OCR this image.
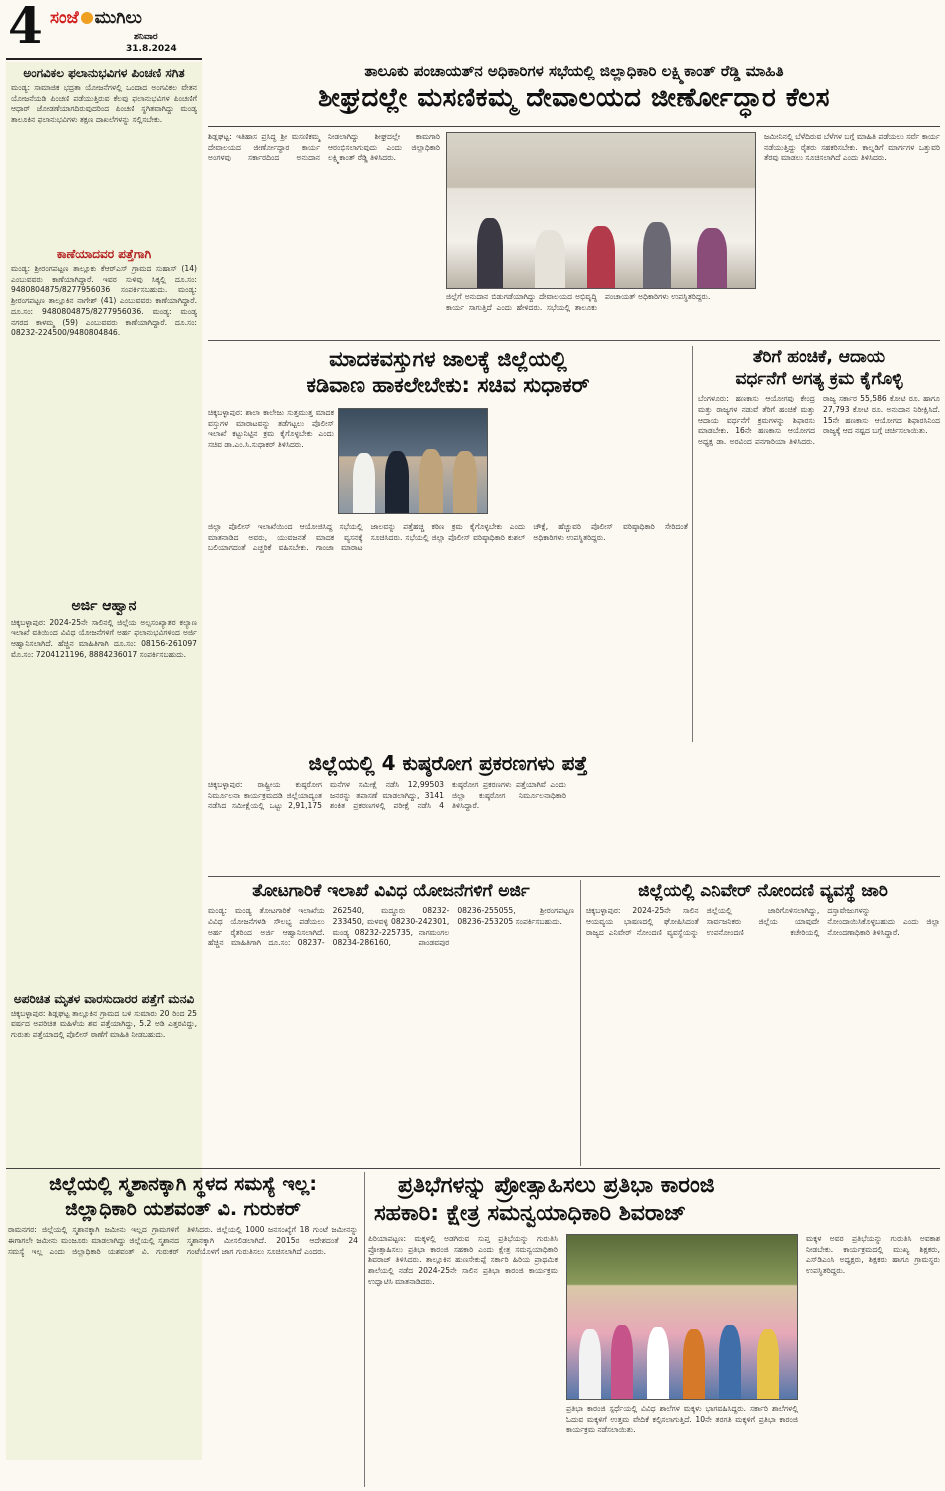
4 ಸಂಜೆ ಮುಗಿಲು
ಶನಿವಾರ
31.8.2024
ಅಂಗವಿಕಲ ಫಲಾನುಭವಿಗಳ ಪಿಂಚಣಿ ಸಗಿತ
ಮಂಡ್ಯ: ಸಾಮಾಜಿಕ ಭದ್ರತಾ ಯೋಜನೆಗಳಲ್ಲಿ ಒಂದಾದ ಅಂಗವಿಕಲ ವೇತನ ಯೋಜನೆಯಡಿ ಪಿಂಚಣಿ ಪಡೆಯುತ್ತಿರುವ ಕೆಲವು ಫಲಾನುಭವಿಗಳ ಪಿಂಚಣಿಗೆ ಆಧಾರ್ ಜೋಡಣೆಯಾಗದಿರುವುದರಿಂದ ಪಿಂಚಣಿ ಸ್ಥಗಿತವಾಗಿದ್ದು ಮಂಡ್ಯ ತಾಲೂಕಿನ ಫಲಾನುಭವಿಗಳು ತಕ್ಷಣ ದಾಖಲೆಗಳನ್ನು ಸಲ್ಲಿಸಬೇಕು.
ಕಾಣೆಯಾದವರ ಪತ್ತೆಗಾಗಿ
ಮಂಡ್ಯ: ಶ್ರೀರಂಗಪಟ್ಟಣ ತಾಲ್ಲೂಕು ಕೆಆರ್‌ಎಸ್ ಗ್ರಾಮದ ಸುಹಾಸ್ (14) ಎಂಬುವವರು ಕಾಣೆಯಾಗಿದ್ದಾರೆ. ಇವರ ಸುಳಿವು ಸಿಕ್ಕಲ್ಲಿ ದೂ.ಸಂ: 9480804875/8277956036 ಸಂಪರ್ಕಿಸಬಹುದು. ಮಂಡ್ಯ: ಶ್ರೀರಂಗಪಟ್ಟಣ ತಾಲ್ಲೂಕಿನ ನಾಗೇಶ್ (41) ಎಂಬುವವರು ಕಾಣೆಯಾಗಿದ್ದಾರೆ. ದೂ.ಸಂ: 9480804875/8277956036. ಮಂಡ್ಯ: ಮಂಡ್ಯ ನಗರದ ಕಾಳಮ್ಮ (59) ಎಂಬುವವರು ಕಾಣೆಯಾಗಿದ್ದಾರೆ. ದೂ.ಸಂ: 08232-224500/9480804846.
ಅರ್ಜಿ ಆಹ್ವಾನ
ಚಿಕ್ಕಬಳ್ಳಾಪುರ: 2024-25ನೇ ಸಾಲಿನಲ್ಲಿ ಜಿಲ್ಲೆಯ ಅಲ್ಪಸಂಖ್ಯಾತರ ಕಲ್ಯಾಣ ಇಲಾಖೆ ವತಿಯಿಂದ ವಿವಿಧ ಯೋಜನೆಗಳಿಗೆ ಅರ್ಹ ಫಲಾನುಭವಿಗಳಿಂದ ಅರ್ಜಿ ಆಹ್ವಾನಿಸಲಾಗಿದೆ. ಹೆಚ್ಚಿನ ಮಾಹಿತಿಗಾಗಿ ದೂ.ಸಂ: 08156-261097 ಮೊ.ಸಂ: 7204121196, 8884236017 ಸಂಪರ್ಕಿಸಬಹುದು.
ಅಪರಿಚಿತ ಮೃತಳ ವಾರಸುದಾರರ ಪತ್ತೆಗೆ ಮನವಿ
ಚಿಕ್ಕಬಳ್ಳಾಪುರ: ಶಿಡ್ಲಘಟ್ಟ ತಾಲ್ಲೂಕಿನ ಗ್ರಾಮದ ಬಳಿ ಸುಮಾರು 20 ರಿಂದ 25 ವರ್ಷದ ಅಪರಿಚಿತ ಮಹಿಳೆಯ ಶವ ಪತ್ತೆಯಾಗಿದ್ದು, 5.2 ಅಡಿ ಎತ್ತರವಿದ್ದು, ಗುರುತು ಪತ್ತೆಯಾದಲ್ಲಿ ಪೊಲೀಸ್ ಠಾಣೆಗೆ ಮಾಹಿತಿ ನೀಡಬಹುದು.
ತಾಲೂಕು ಪಂಚಾಯತ್‌ನ ಅಧಿಕಾರಿಗಳ ಸಭೆಯಲ್ಲಿ ಜಿಲ್ಲಾಧಿಕಾರಿ ಲಕ್ಷ್ಮಿಕಾಂತ್ ರೆಡ್ಡಿ ಮಾಹಿತಿ
ಶೀಘ್ರದಲ್ಲೇ ಮಸಣಿಕಮ್ಮ ದೇವಾಲಯದ ಜೀರ್ಣೋದ್ಧಾರ ಕೆಲಸ
ಶಿಡ್ಲಘಟ್ಟ: ಇತಿಹಾಸ ಪ್ರಸಿದ್ಧ ಶ್ರೀ ಮಸಣಿಕಮ್ಮ ದೇವಾಲಯದ ಜೀರ್ಣೋದ್ಧಾರ ಕಾರ್ಯ ಅಂಗಳವು ಸರ್ಕಾರದಿಂದ ಅನುದಾನ ನೀಡಲಾಗಿದ್ದು ಶೀಘ್ರದಲ್ಲೇ ಕಾಮಗಾರಿ ಆರಂಭಿಸಲಾಗುವುದು ಎಂದು ಜಿಲ್ಲಾಧಿಕಾರಿ ಲಕ್ಷ್ಮಿಕಾಂತ್ ರೆಡ್ಡಿ ತಿಳಿಸಿದರು.
ಜಿಲ್ಲೆಗೆ ಅನುದಾನ ಬಿಡುಗಡೆಯಾಗಿದ್ದು ದೇವಾಲಯದ ಅಭಿವೃದ್ಧಿ ಕಾರ್ಯ ಸಾಗುತ್ತಿದೆ ಎಂದು ಹೇಳಿದರು. ಸಭೆಯಲ್ಲಿ ತಾಲೂಕು ಪಂಚಾಯತ್ ಅಧಿಕಾರಿಗಳು ಉಪಸ್ಥಿತರಿದ್ದರು.
ಜಮೀನಿನಲ್ಲಿ ಬೆಳೆದಿರುವ ಬೆಳೆಗಳ ಬಗ್ಗೆ ಮಾಹಿತಿ ಪಡೆಯಲು ಸರ್ವೆ ಕಾರ್ಯ ನಡೆಯುತ್ತಿದ್ದು ರೈತರು ಸಹಕರಿಸಬೇಕು. ಕಾಲ್ನಡಿಗೆ ಮಾರ್ಗಗಳ ಒತ್ತುವರಿ ತೆರವು ಮಾಡಲು ಸೂಚಿಸಲಾಗಿದೆ ಎಂದು ತಿಳಿಸಿದರು.
ಮಾದಕವಸ್ತುಗಳ ಜಾಲಕ್ಕೆ ಜಿಲ್ಲೆಯಲ್ಲಿ
ಕಡಿವಾಣ ಹಾಕಲೇಬೇಕು: ಸಚಿವ ಸುಧಾಕರ್
ಚಿಕ್ಕಬಳ್ಳಾಪುರ: ಶಾಲಾ ಕಾಲೇಜು ಸುತ್ತಮುತ್ತ ಮಾದಕ ವಸ್ತುಗಳ ಮಾರಾಟವನ್ನು ತಡೆಗಟ್ಟಲು ಪೊಲೀಸ್ ಇಲಾಖೆ ಕಟ್ಟುನಿಟ್ಟಿನ ಕ್ರಮ ಕೈಗೊಳ್ಳಬೇಕು ಎಂದು ಸಚಿವ ಡಾ.ಎಂ.ಸಿ.ಸುಧಾಕರ್ ತಿಳಿಸಿದರು.
ಜಿಲ್ಲಾ ಪೊಲೀಸ್ ಇಲಾಖೆಯಿಂದ ಆಯೋಜಿಸಿದ್ದ ಸಭೆಯಲ್ಲಿ ಮಾತನಾಡಿದ ಅವರು, ಯುವಜನತೆ ಮಾದಕ ವ್ಯಸನಕ್ಕೆ ಬಲಿಯಾಗದಂತೆ ಎಚ್ಚರಿಕೆ ವಹಿಸಬೇಕು. ಗಾಂಜಾ ಮಾರಾಟ ಜಾಲವನ್ನು ಪತ್ತೆಹಚ್ಚಿ ಕಠಿಣ ಕ್ರಮ ಕೈಗೊಳ್ಳಬೇಕು ಎಂದು ಸೂಚಿಸಿದರು. ಸಭೆಯಲ್ಲಿ ಜಿಲ್ಲಾ ಪೊಲೀಸ್ ವರಿಷ್ಠಾಧಿಕಾರಿ ಕುಶಲ್ ಚೌಕ್ಸೆ, ಹೆಚ್ಚುವರಿ ಪೊಲೀಸ್ ವರಿಷ್ಠಾಧಿಕಾರಿ ಸೇರಿದಂತೆ ಅಧಿಕಾರಿಗಳು ಉಪಸ್ಥಿತರಿದ್ದರು.
ತೆರಿಗೆ ಹಂಚಿಕೆ, ಆದಾಯ
ವರ್ಧನೆಗೆ ಅಗತ್ಯ ಕ್ರಮ ಕೈಗೊಳ್ಳಿ
ಬೆಂಗಳೂರು: ಹಣಕಾಸು ಆಯೋಗವು ಕೇಂದ್ರ ಮತ್ತು ರಾಜ್ಯಗಳ ನಡುವೆ ತೆರಿಗೆ ಹಂಚಿಕೆ ಮತ್ತು ಆದಾಯ ವರ್ಧನೆಗೆ ಕ್ರಮಗಳನ್ನು ಶಿಫಾರಸು ಮಾಡಬೇಕು. 16ನೇ ಹಣಕಾಸು ಆಯೋಗದ ಅಧ್ಯಕ್ಷ ಡಾ. ಅರವಿಂದ ಪನಗಾರಿಯಾ ತಿಳಿಸಿದರು. ರಾಜ್ಯ ಸರ್ಕಾರ 55,586 ಕೋಟಿ ರೂ. ಹಾಗೂ 27,793 ಕೋಟಿ ರೂ. ಅನುದಾನ ನಿರೀಕ್ಷಿಸಿದೆ. 15ನೇ ಹಣಕಾಸು ಆಯೋಗದ ಶಿಫಾರಸಿನಿಂದ ರಾಜ್ಯಕ್ಕೆ ಆದ ನಷ್ಟದ ಬಗ್ಗೆ ಚರ್ಚಿಸಲಾಯಿತು.
ಜಿಲ್ಲೆಯಲ್ಲಿ 4 ಕುಷ್ಠರೋಗ ಪ್ರಕರಣಗಳು ಪತ್ತೆ
ಚಿಕ್ಕಬಳ್ಳಾಪುರ: ರಾಷ್ಟ್ರೀಯ ಕುಷ್ಠರೋಗ ನಿರ್ಮೂಲನಾ ಕಾರ್ಯಕ್ರಮದಡಿ ಜಿಲ್ಲೆಯಾದ್ಯಂತ ನಡೆಸಿದ ಸಮೀಕ್ಷೆಯಲ್ಲಿ ಒಟ್ಟು 2,91,175 ಮನೆಗಳ ಸಮೀಕ್ಷೆ ನಡೆಸಿ 12,99503 ಜನರನ್ನು ತಪಾಸಣೆ ಮಾಡಲಾಗಿದ್ದು, 3141 ಶಂಕಿತ ಪ್ರಕರಣಗಳಲ್ಲಿ ಪರೀಕ್ಷೆ ನಡೆಸಿ 4 ಕುಷ್ಠರೋಗ ಪ್ರಕರಣಗಳು ಪತ್ತೆಯಾಗಿವೆ ಎಂದು ಜಿಲ್ಲಾ ಕುಷ್ಠರೋಗ ನಿರ್ಮೂಲನಾಧಿಕಾರಿ ತಿಳಿಸಿದ್ದಾರೆ.
ತೋಟಗಾರಿಕೆ ಇಲಾಖೆ ವಿವಿಧ ಯೋಜನೆಗಳಿಗೆ ಅರ್ಜಿ
ಮಂಡ್ಯ: ಮಂಡ್ಯ ತೋಟಗಾರಿಕೆ ಇಲಾಖೆಯ ವಿವಿಧ ಯೋಜನೆಗಳಡಿ ಸೌಲಭ್ಯ ಪಡೆಯಲು ಅರ್ಹ ರೈತರಿಂದ ಅರ್ಜಿ ಆಹ್ವಾನಿಸಲಾಗಿದೆ. ಹೆಚ್ಚಿನ ಮಾಹಿತಿಗಾಗಿ ದೂ.ಸಂ: 08237-262540, ಮದ್ದೂರು 08232-233450, ಮಳವಳ್ಳಿ 08230-242301, ಮಂಡ್ಯ 08232-225735, ನಾಗಮಂಗಲ 08234-286160, ಪಾಂಡವಪುರ 08236-255055, ಶ್ರೀರಂಗಪಟ್ಟಣ 08236-253205 ಸಂಪರ್ಕಿಸಬಹುದು.
ಜಿಲ್ಲೆಯಲ್ಲಿ ಎನಿವೇರ್ ನೋಂದಣಿ ವ್ಯವಸ್ಥೆ ಜಾರಿ
ಚಿಕ್ಕಬಳ್ಳಾಪುರ: 2024-25ನೇ ಸಾಲಿನ ಆಯವ್ಯಯ ಭಾಷಣದಲ್ಲಿ ಘೋಷಿಸಿದಂತೆ ರಾಜ್ಯದ ಎನಿವೇರ್ ನೋಂದಣಿ ವ್ಯವಸ್ಥೆಯನ್ನು ಜಿಲ್ಲೆಯಲ್ಲಿ ಜಾರಿಗೊಳಿಸಲಾಗಿದ್ದು, ಸಾರ್ವಜನಿಕರು ಜಿಲ್ಲೆಯ ಯಾವುದೇ ಉಪನೋಂದಣಿ ಕಚೇರಿಯಲ್ಲಿ ದಸ್ತಾವೇಜುಗಳನ್ನು ನೋಂದಾಯಿಸಿಕೊಳ್ಳಬಹುದು ಎಂದು ಜಿಲ್ಲಾ ನೋಂದಣಾಧಿಕಾರಿ ತಿಳಿಸಿದ್ದಾರೆ.
ಜಿಲ್ಲೆಯಲ್ಲಿ ಸ್ಮಶಾನಕ್ಕಾಗಿ ಸ್ಥಳದ ಸಮಸ್ಯೆ ಇಲ್ಲ:
ಜಿಲ್ಲಾಧಿಕಾರಿ ಯಶವಂತ್ ವಿ. ಗುರುಕರ್
ರಾಮನಗರ: ಜಿಲ್ಲೆಯಲ್ಲಿ ಸ್ಮಶಾನಕ್ಕಾಗಿ ಜಮೀನು ಇಲ್ಲದ ಗ್ರಾಮಗಳಿಗೆ ಈಗಾಗಲೇ ಜಮೀನು ಮಂಜೂರು ಮಾಡಲಾಗಿದ್ದು ಜಿಲ್ಲೆಯಲ್ಲಿ ಸ್ಮಶಾನದ ಸಮಸ್ಯೆ ಇಲ್ಲ ಎಂದು ಜಿಲ್ಲಾಧಿಕಾರಿ ಯಶವಂತ್ ವಿ. ಗುರುಕರ್ ತಿಳಿಸಿದರು. ಜಿಲ್ಲೆಯಲ್ಲಿ 1000 ಜನಸಂಖ್ಯೆಗೆ 18 ಗುಂಟೆ ಜಮೀನನ್ನು ಸ್ಮಶಾನಕ್ಕಾಗಿ ಮೀಸಲಿಡಲಾಗಿದೆ. 2015ರ ಆದೇಶದಂತೆ 24 ಗಂಟೆಯೊಳಗೆ ಜಾಗ ಗುರುತಿಸಲು ಸೂಚಿಸಲಾಗಿದೆ ಎಂದರು.
ಪ್ರತಿಭೆಗಳನ್ನು ಪ್ರೋತ್ಸಾಹಿಸಲು ಪ್ರತಿಭಾ ಕಾರಂಜಿ
ಸಹಕಾರಿ: ಕ್ಷೇತ್ರ ಸಮನ್ವಯಾಧಿಕಾರಿ ಶಿವರಾಜ್
ಪಿರಿಯಾಪಟ್ಟಣ: ಮಕ್ಕಳಲ್ಲಿ ಅಡಗಿರುವ ಸುಪ್ತ ಪ್ರತಿಭೆಯನ್ನು ಗುರುತಿಸಿ ಪ್ರೋತ್ಸಾಹಿಸಲು ಪ್ರತಿಭಾ ಕಾರಂಜಿ ಸಹಕಾರಿ ಎಂದು ಕ್ಷೇತ್ರ ಸಮನ್ವಯಾಧಿಕಾರಿ ಶಿವರಾಜ್ ತಿಳಿಸಿದರು. ತಾಲ್ಲೂಕಿನ ಹುಣಸೇಕುಪ್ಪೆ ಸರ್ಕಾರಿ ಹಿರಿಯ ಪ್ರಾಥಮಿಕ ಶಾಲೆಯಲ್ಲಿ ನಡೆದ 2024-25ನೇ ಸಾಲಿನ ಪ್ರತಿಭಾ ಕಾರಂಜಿ ಕಾರ್ಯಕ್ರಮ ಉದ್ಘಾಟಿಸಿ ಮಾತನಾಡಿದರು.
ಪ್ರತಿಭಾ ಕಾರಂಜಿ ಸ್ಪರ್ಧೆಯಲ್ಲಿ ವಿವಿಧ ಶಾಲೆಗಳ ಮಕ್ಕಳು ಭಾಗವಹಿಸಿದ್ದರು. ಸರ್ಕಾರಿ ಶಾಲೆಗಳಲ್ಲಿ ಓದುವ ಮಕ್ಕಳಿಗೆ ಉತ್ತಮ ವೇದಿಕೆ ಕಲ್ಪಿಸಲಾಗುತ್ತಿದೆ. 10ನೇ ತರಗತಿ ಮಕ್ಕಳಿಗೆ ಪ್ರತಿಭಾ ಕಾರಂಜಿ ಕಾರ್ಯಕ್ರಮ ನಡೆಸಲಾಯಿತು.
ಮಕ್ಕಳ ಅವರ ಪ್ರತಿಭೆಯನ್ನು ಗುರುತಿಸಿ ಅವಕಾಶ ನೀಡಬೇಕು. ಕಾರ್ಯಕ್ರಮದಲ್ಲಿ ಮುಖ್ಯ ಶಿಕ್ಷಕರು, ಎಸ್‌ಡಿಎಂಸಿ ಅಧ್ಯಕ್ಷರು, ಶಿಕ್ಷಕರು ಹಾಗೂ ಗ್ರಾಮಸ್ಥರು ಉಪಸ್ಥಿತರಿದ್ದರು.
